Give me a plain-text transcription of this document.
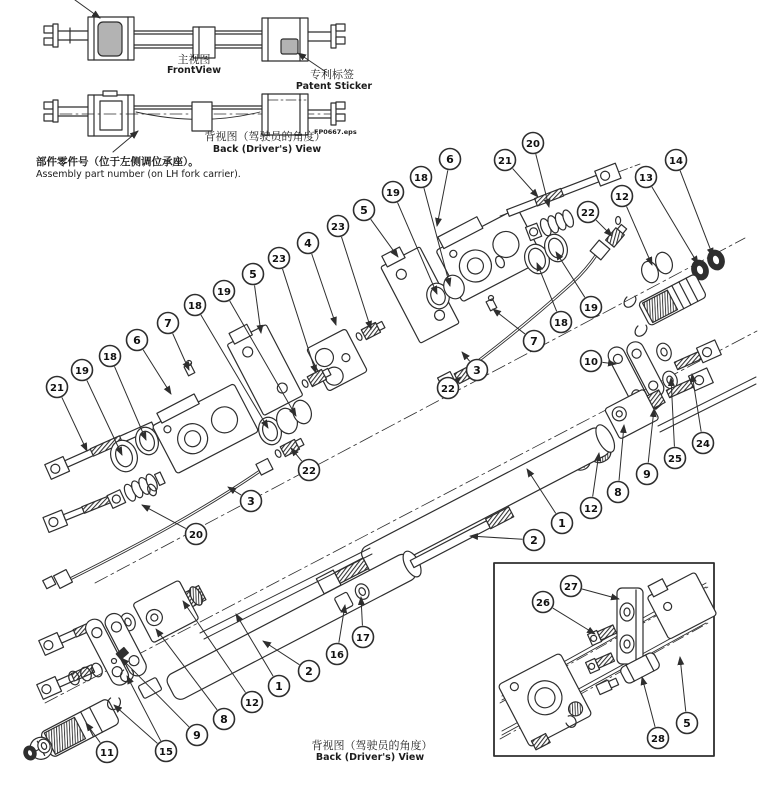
6
18
19
5
23
4
23
5
21
20
22
12
13
14
19
18
7
10
3
22
24
25
9
8
12
1
2
19
18
7
6
18
19
21
22
3
20
11	15
9
8
12
1
2
16
17
26
27
28
5
主视图
FrontView	专利标签
Patent Sticker
背视图（驾驶员的角度）
Back (Driver's) View
FP0667.eps
部件零件号（位于左侧调位承座）。
Assembly part number (on LH fork carrier).
背视图（驾驶员的角度）
Back (Driver's) View
